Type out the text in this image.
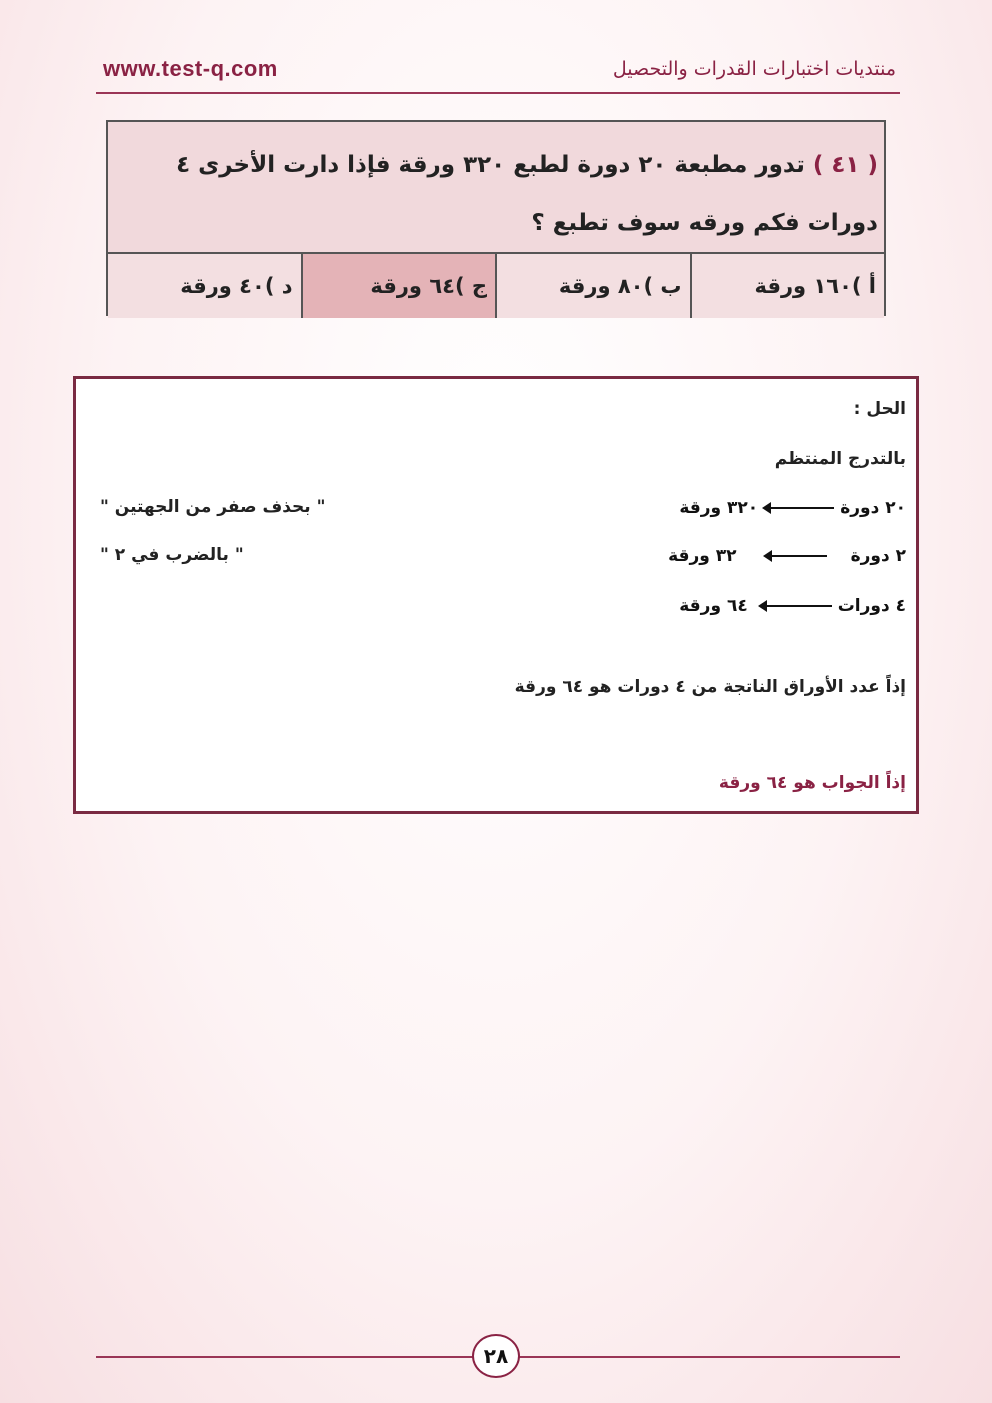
www.test-q.com	منتديات اختبارات القدرات والتحصيل
( ٤١ ) تدور مطبعة ٢٠ دورة لطبع ٣٢٠ ورقة فإذا دارت الأخرى ٤ دورات فكم ورقه سوف تطبع ؟
أ )١٦٠ ورقة
ب )٨٠ ورقة
ج )٦٤ ورقة
د )٤٠ ورقة
الحل :
بالتدرج المنتظم
٢٠ دورة
٣٢٠ ورقة
" بحذف صفر من الجهتين "
٢ دورة
٣٢ ورقة
" بالضرب في ٢ "
٤ دورات
٦٤ ورقة
إذاً عدد الأوراق الناتجة من ٤ دورات هو ٦٤ ورقة
إذاً الجواب هو ٦٤ ورقة
٢٨
